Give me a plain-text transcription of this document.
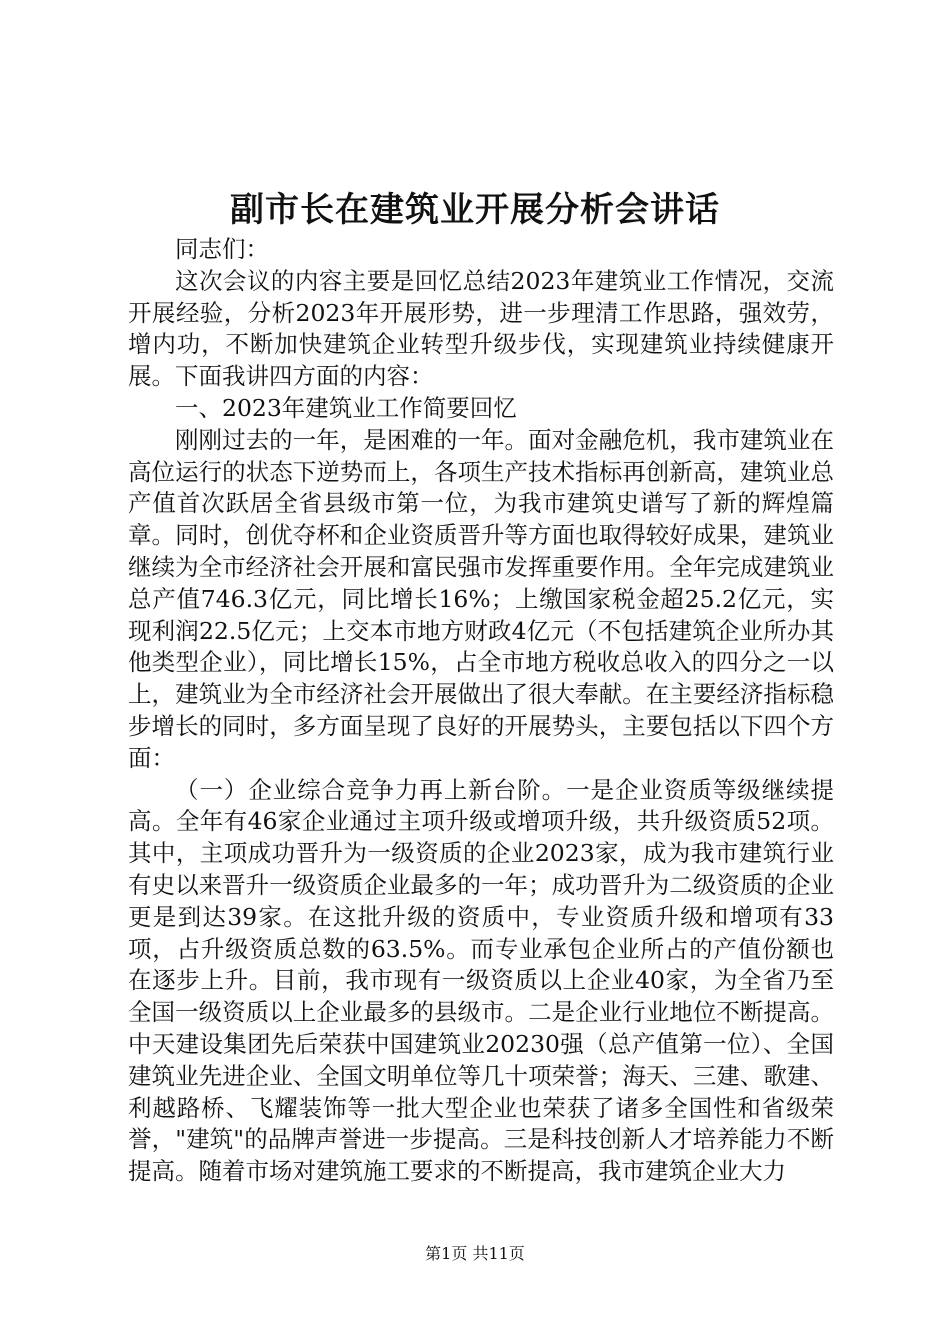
副市长在建筑业开展分析会讲话

同志们：

这次会议的内容主要是回忆总结2023年建筑业工作情况，交流开展经验，分析2023年开展形势，进一步理清工作思路，强效劳，增内功，不断加快建筑企业转型升级步伐，实现建筑业持续健康开展。下面我讲四方面的内容：

一、2023年建筑业工作简要回忆

刚刚过去的一年，是困难的一年。面对金融危机，我市建筑业在高位运行的状态下逆势而上，各项生产技术指标再创新高，建筑业总产值首次跃居全省县级市第一位，为我市建筑史谱写了新的辉煌篇章。同时，创优夺杯和企业资质晋升等方面也取得较好成果，建筑业继续为全市经济社会开展和富民强市发挥重要作用。全年完成建筑业总产值746.3亿元，同比增长16%；上缴国家税金超25.2亿元，实现利润22.5亿元；上交本市地方财政4亿元（不包括建筑企业所办其他类型企业），同比增长15%，占全市地方税收总收入的四分之一以上，建筑业为全市经济社会开展做出了很大奉献。在主要经济指标稳步增长的同时，多方面呈现了良好的开展势头，主要包括以下四个方面：

（一）企业综合竞争力再上新台阶。一是企业资质等级继续提高。全年有46家企业通过主项升级或增项升级，共升级资质52项。其中，主项成功晋升为一级资质的企业2023家，成为我市建筑行业有史以来晋升一级资质企业最多的一年；成功晋升为二级资质的企业更是到达39家。在这批升级的资质中，专业资质升级和增项有33项，占升级资质总数的63.5%。而专业承包企业所占的产值份额也在逐步上升。目前，我市现有一级资质以上企业40家，为全省乃至全国一级资质以上企业最多的县级市。二是企业行业地位不断提高。中天建设集团先后荣获中国建筑业20230强（总产值第一位）、全国建筑业先进企业、全国文明单位等几十项荣誉；海天、三建、歌建、利越路桥、飞耀装饰等一批大型企业也荣获了诸多全国性和省级荣誉，"建筑"的品牌声誉进一步提高。三是科技创新人才培养能力不断提高。随着市场对建筑施工要求的不断提高，我市建筑企业大力

第1页 共11页
